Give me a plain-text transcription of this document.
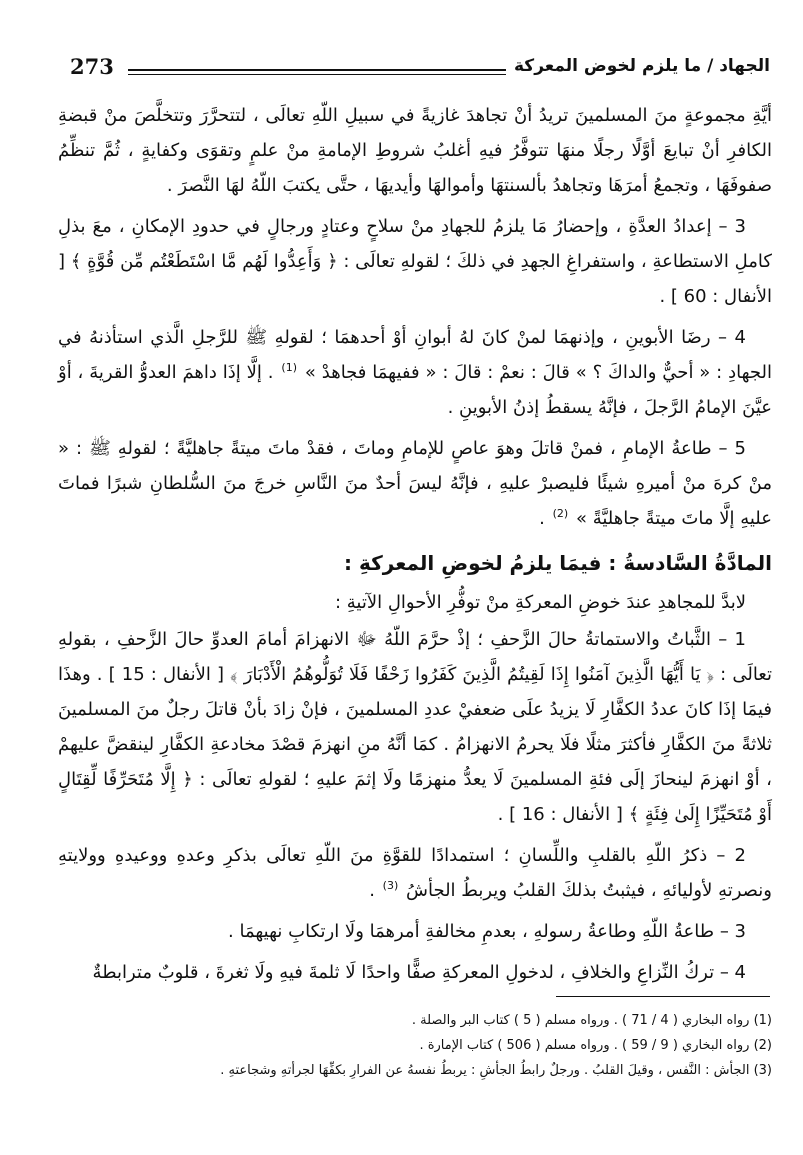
273	الجهاد / ما يلزم لخوض المعركة

أيَّةِ مجموعةٍ منَ المسلمينَ تريدُ أنْ تجاهدَ غازيةً في سبيلِ اللّهِ تعالَى ، لتتحرَّرَ وتتخلَّصَ منْ قبضةِ الكافرِ أنْ تبايعَ أوَّلًا رجلًا منهَا تتوفَّرُ فيهِ أغلبُ شروطِ الإمامةِ منْ علمٍ وتقوَى وكفايةٍ ، ثُمَّ تنظِّمُ صفوفَهَا ، وتجمعُ أمرَهَا وتجاهدُ بألسنتهَا وأموالهَا وأيديهَا ، حتَّى يكتبَ اللّهُ لهَا النَّصرَ .

3 – إعدادُ العدَّةِ ، وإحضارُ مَا يلزمُ للجهادِ منْ سلاحٍ وعتادٍ ورجالٍ في حدودِ الإمكانِ ، معَ بذلِ كاملِ الاستطاعةِ ، واستفراغِ الجهدِ في ذلكَ ؛ لقولهِ تعالَى : ﴿ وَأَعِدُّوا لَهُم مَّا اسْتَطَعْتُم مِّن قُوَّةٍ ﴾ [ الأنفال : 60 ] .

4 – رضَا الأبوينِ ، وإذنهمَا لمنْ كانَ لهُ أبوانِ أوْ أحدهمَا ؛ لقولهِ ﷺ للرَّجلِ الَّذي استأذنهُ في الجهادِ : « أحيٌّ والداكَ ؟ » قالَ : نعمْ : قالَ : « ففيهمَا فجاهدْ » $^{(1)}$ . إلَّا إذَا داهمَ العدوُّ القريةَ ، أوْ عيَّنَ الإمامُ الرَّجلَ ، فإنَّهُ يسقطُ إذنُ الأبوينِ .

5 – طاعةُ الإمامِ ، فمنْ قاتلَ وهوَ عاصٍ للإمامِ وماتَ ، فقدْ ماتَ ميتةً جاهليَّةً ؛ لقولهِ ﷺ : « منْ كرهَ منْ أميرهِ شيئًا فليصبرْ عليهِ ، فإنَّهُ ليسَ أحدٌ منَ النَّاسِ خرجَ منَ السُّلطانِ شبرًا فماتَ عليهِ إلَّا ماتَ ميتةً جاهليَّةً » $^{(2)}$ .

المادَّةُ السَّادسةُ : فيمَا يلزمُ لخوضِ المعركةِ :

لابدَّ للمجاهدِ عندَ خوضِ المعركةِ منْ توفُّرِ الأحوالِ الآتيةِ :

1 – الثَّباتُ والاستماتةُ حالَ الزَّحفِ ؛ إذْ حرَّمَ اللّهُ ﷻ الانهزامَ أمامَ العدوِّ حالَ الزَّحفِ ، بقولهِ تعالَى : ﴿ يَا أَيُّهَا الَّذِينَ آمَنُوا إِذَا لَقِيتُمُ الَّذِينَ كَفَرُوا زَحْفًا فَلَا تُوَلُّوهُمُ الْأَدْبَارَ ﴾ [ الأنفال : 15 ] . وهذَا فيمَا إذَا كانَ عددُ الكفَّارِ لَا يزيدُ علَى ضعفيْ عددِ المسلمينَ ، فإنْ زادَ بأنْ قاتلَ رجلٌ منَ المسلمينَ ثلاثةً منَ الكفَّارِ فأكثرَ مثلًا فلَا يحرمُ الانهزامُ . كمَا أنَّهُ منِ انهزمَ قصْدَ مخادعةِ الكفَّارِ لينقضَّ عليهمْ ، أوْ انهزمَ لينحازَ إلَى فئةِ المسلمينَ لَا يعدُّ منهزمًا ولَا إثمَ عليهِ ؛ لقولهِ تعالَى : ﴿ إِلَّا مُتَحَرِّفًا لِّقِتَالٍ أَوْ مُتَحَيِّزًا إِلَىٰ فِئَةٍ ﴾ [ الأنفال : 16 ] .

2 – ذكرُ اللّهِ بالقلبِ واللِّسانِ ؛ استمدادًا للقوَّةِ منَ اللّهِ تعالَى بذكرِ وعدهِ ووعيدهِ وولايتهِ ونصرتهِ لأوليائهِ ، فيثبتُ بذلكَ القلبُ ويربطُ الجأشُ $^{(3)}$ .

3 – طاعةُ اللّهِ وطاعةُ رسولهِ ، بعدمِ مخالفةِ أمرهمَا ولَا ارتكابِ نهيهمَا .

4 – تركُ النِّزاعِ والخلافِ ، لدخولِ المعركةِ صفًّا واحدًا لَا ثلمةَ فيهِ ولَا ثغرةَ ، قلوبٌ مترابطةٌ

(1) رواه البخاري ( 4 / 71 ) . ورواه مسلم ( 5 ) كتاب البر والصلة .

(2) رواه البخاري ( 9 / 59 ) . ورواه مسلم ( 506 ) كتاب الإمارة .

(3) الجأش : النَّفس ، وقيلَ القلبُ . ورجلٌ رابطُ الجأشِ : يربطُ نفسهُ عن الفرارِ بكفِّهَا لجرأتهِ وشجاعتهِ .
